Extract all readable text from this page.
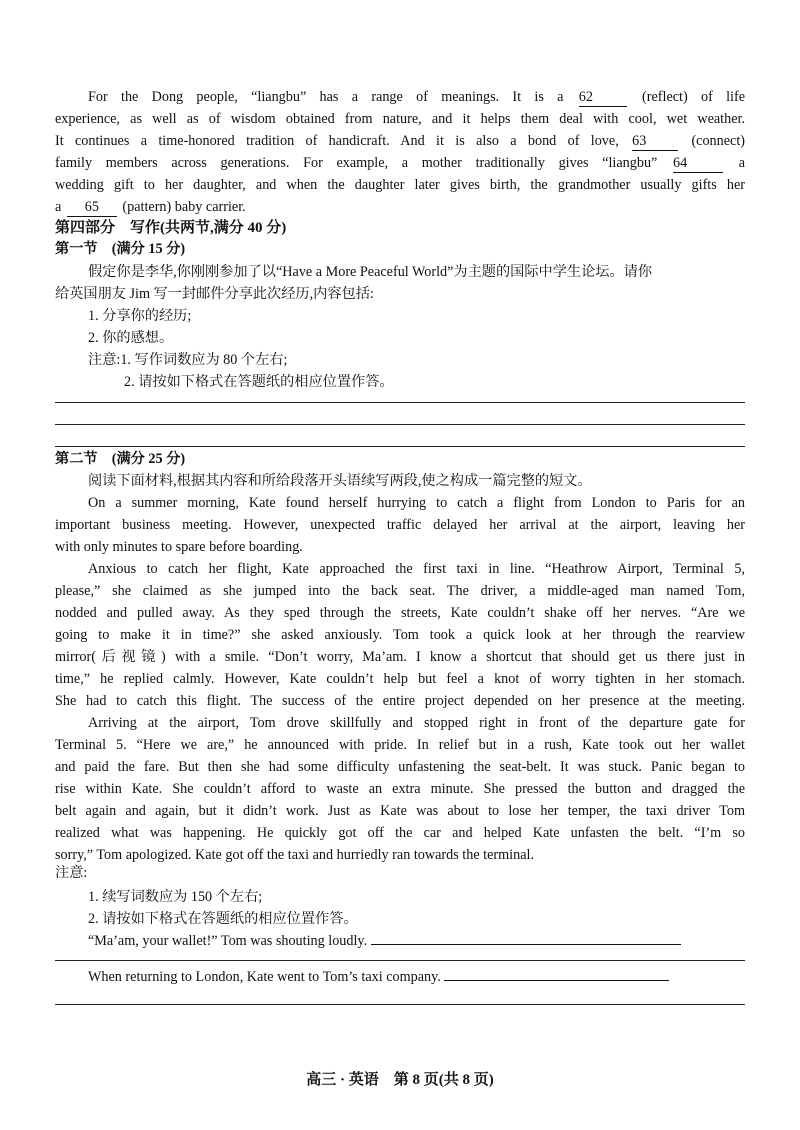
For the Dong people, “liangbu” has a range of meanings. It is a 62	(reflect) of life
experience, as well as of wisdom obtained from nature, and it helps them deal with cool, wet weather.
It continues a time-honored tradition of handicraft. And it is also a bond of love, 63	(connect)
family members across generations. For example, a mother traditionally gives “liangbu” 64	a
wedding gift to her daughter, and when the daughter later gives birth, the grandmother usually gifts her
a 65 (pattern) baby carrier.
第四部分　写作(共两节,满分 40 分)
第一节　(满分 15 分)
假定你是李华,你刚刚参加了以“Have a More Peaceful World”为主题的国际中学生论坛。请你
给英国朋友 Jim 写一封邮件分享此次经历,内容包括:
1. 分享你的经历;
2. 你的感想。
注意:1. 写作词数应为 80 个左右;
2. 请按如下格式在答题纸的相应位置作答。
第二节　(满分 25 分)
阅读下面材料,根据其内容和所给段落开头语续写两段,使之构成一篇完整的短文。
On a summer morning, Kate found herself hurrying to catch a flight from London to Paris for an
important business meeting. However, unexpected traffic delayed her arrival at the airport, leaving her
with only minutes to spare before boarding.
Anxious to catch her flight, Kate approached the first taxi in line. “Heathrow Airport, Terminal 5,
please,” she claimed as she jumped into the back seat. The driver, a middle-aged man named Tom,
nodded and pulled away. As they sped through the streets, Kate couldn’t shake off her nerves. “Are we
going to make it in time?” she asked anxiously. Tom took a quick look at her through the rearview
mirror(后视镜) with a smile. “Don’t worry, Ma’am. I know a shortcut that should get us there just in
time,” he replied calmly. However, Kate couldn’t help but feel a knot of worry tighten in her stomach.
She had to catch this flight. The success of the entire project depended on her presence at the meeting.
Arriving at the airport, Tom drove skillfully and stopped right in front of the departure gate for
Terminal 5. “Here we are,” he announced with pride. In relief but in a rush, Kate took out her wallet
and paid the fare. But then she had some difficulty unfastening the seat-belt. It was stuck. Panic began to
rise within Kate. She couldn’t afford to waste an extra minute. She pressed the button and dragged the
belt again and again, but it didn’t work. Just as Kate was about to lose her temper, the taxi driver Tom
realized what was happening. He quickly got off the car and helped Kate unfasten the belt. “I’m so
sorry,” Tom apologized. Kate got off the taxi and hurriedly ran towards the terminal.
注意:
1. 续写词数应为 150 个左右;
2. 请按如下格式在答题纸的相应位置作答。
“Ma’am, your wallet!” Tom was shouting loudly.
When returning to London, Kate went to Tom’s taxi company.
高三 · 英语　第 8 页(共 8 页)
